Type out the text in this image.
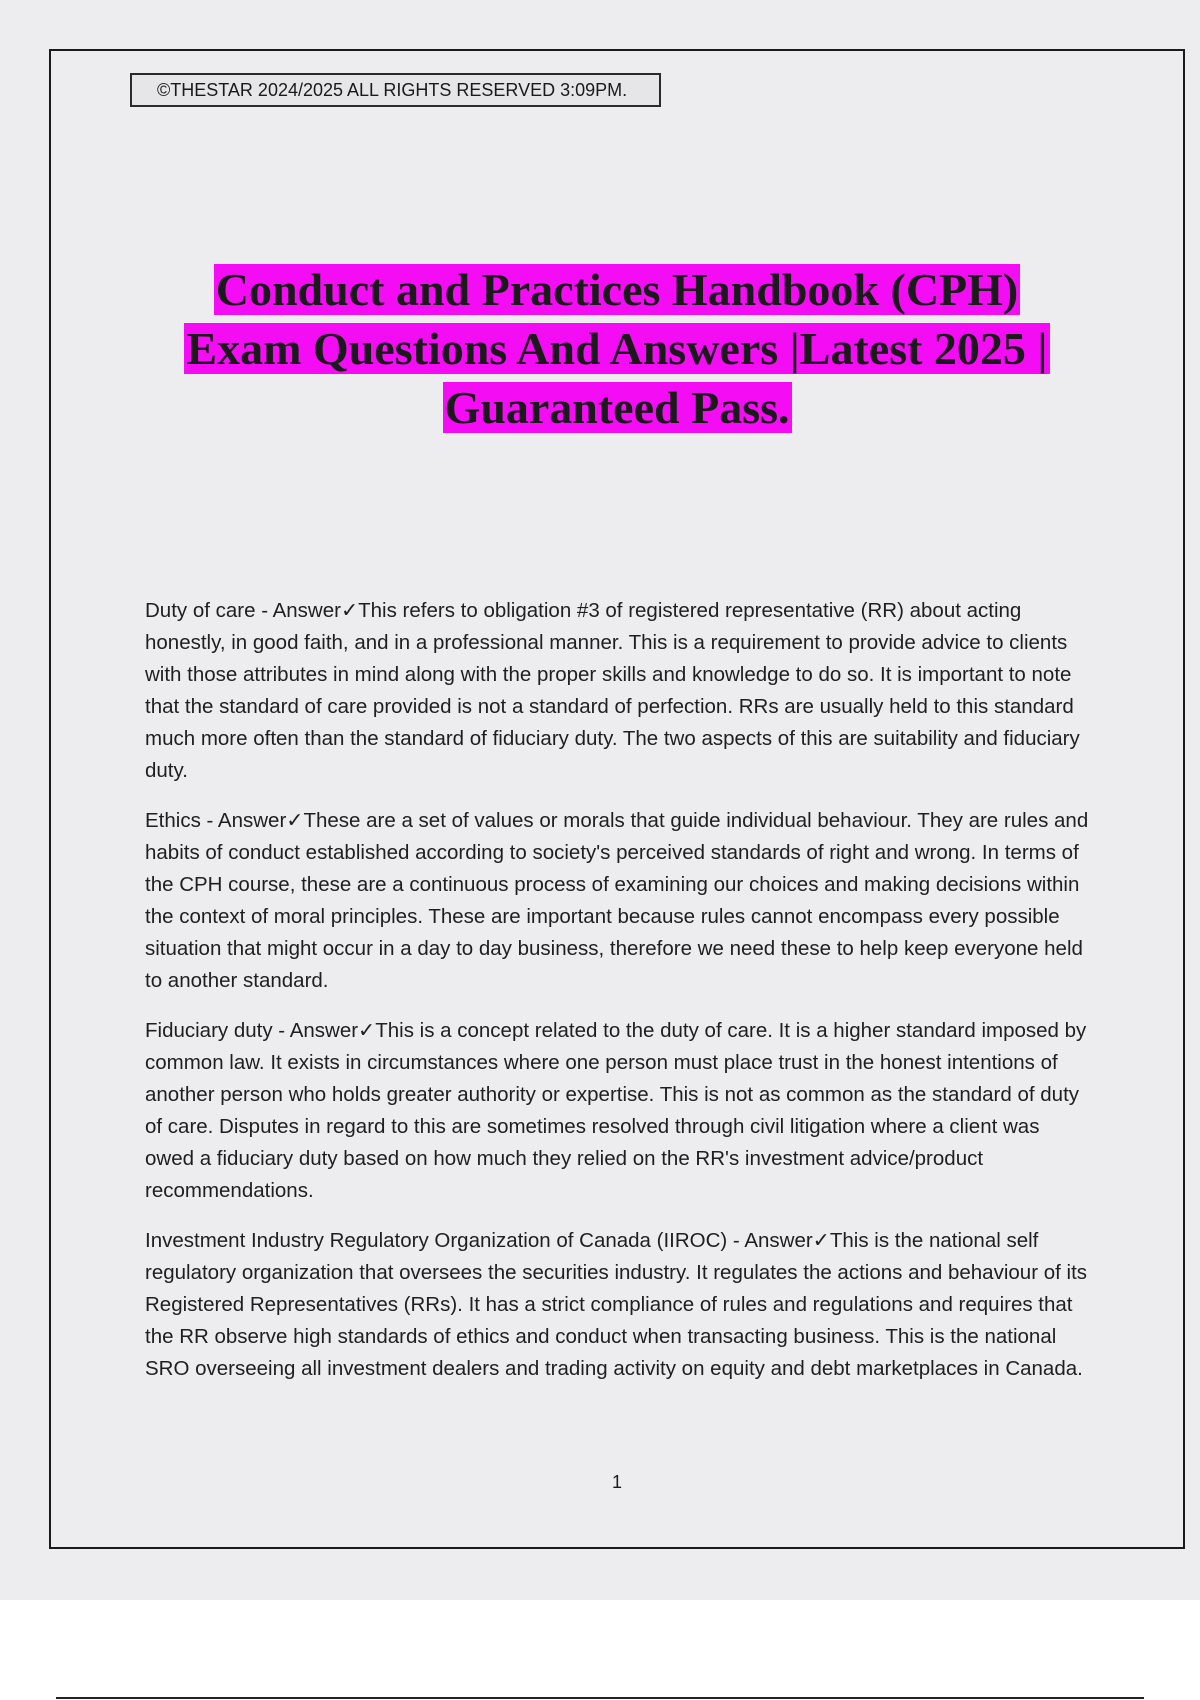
©THESTAR 2024/2025 ALL RIGHTS RESERVED 3:09PM.
Conduct and Practices Handbook (CPH)
Exam Questions And Answers |Latest 2025 |
Guaranteed Pass.

Duty of care - Answer✓This refers to obligation #3 of registered representative (RR) about acting honestly, in good faith, and in a professional manner. This is a requirement to provide advice to clients with those attributes in mind along with the proper skills and knowledge to do so. It is important to note that the standard of care provided is not a standard of perfection. RRs are usually held to this standard much more often than the standard of fiduciary duty. The two aspects of this are suitability and fiduciary duty.

Ethics - Answer✓These are a set of values or morals that guide individual behaviour. They are rules and habits of conduct established according to society's perceived standards of right and wrong. In terms of the CPH course, these are a continuous process of examining our choices and making decisions within the context of moral principles. These are important because rules cannot encompass every possible situation that might occur in a day to day business, therefore we need these to help keep everyone held to another standard.

Fiduciary duty - Answer✓This is a concept related to the duty of care. It is a higher standard imposed by common law. It exists in circumstances where one person must place trust in the honest intentions of another person who holds greater authority or expertise. This is not as common as the standard of duty of care. Disputes in regard to this are sometimes resolved through civil litigation where a client was owed a fiduciary duty based on how much they relied on the RR's investment advice/product recommendations.

Investment Industry Regulatory Organization of Canada (IIROC) - Answer✓This is the national self regulatory organization that oversees the securities industry. It regulates the actions and behaviour of its Registered Representatives (RRs). It has a strict compliance of rules and regulations and requires that the RR observe high standards of ethics and conduct when transacting business. This is the national SRO overseeing all investment dealers and trading activity on equity and debt marketplaces in Canada.

1
